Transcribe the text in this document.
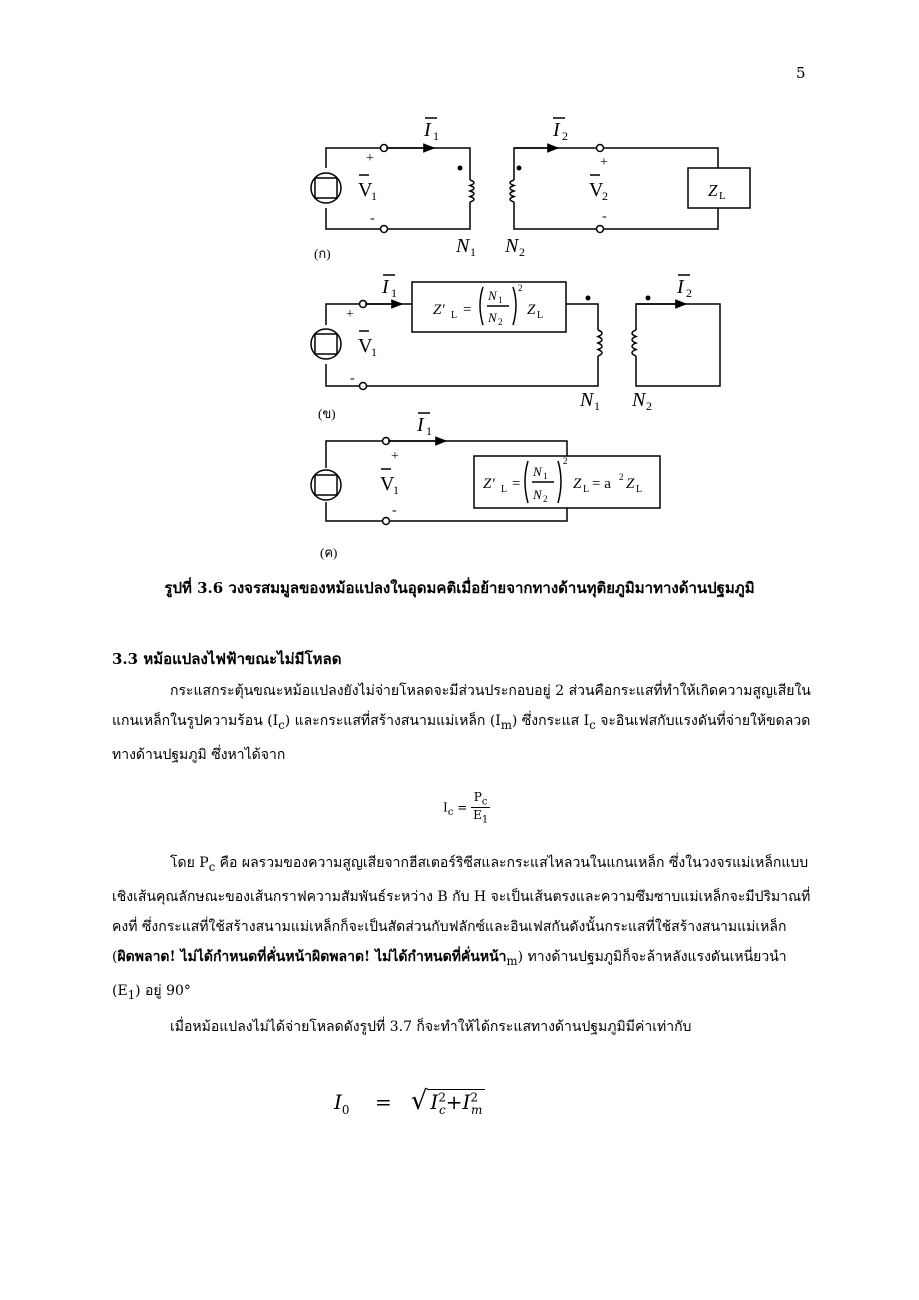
5
I 1	I 2
+
V
1
-
+
V
2
-
Z L
N 1 N 2
(ก)
I 1	I 2
+
V
1
-
Z' L =
N 1
N 2
2
Z L
N 1 N 2
(ข)
I 1
+
V
1
-
Z' L =
N 1
N 2
2
Z L = a 2 Z L
(ค)
รูปที่ 3.6 วงจรสมมูลของหม้อแปลงในอุดมคติเมื่อย้ายจากทางด้านทุติยภูมิมาทางด้านปฐมภูมิ
3.3 หม้อแปลงไฟฟ้าขณะไม่มีโหลด
กระแสกระตุ้นขณะหม้อแปลงยังไม่จ่ายโหลดจะมีส่วนประกอบอยู่ 2 ส่วนคือกระแสที่ทำให้เกิดความสูญเสียในแกนเหล็กในรูปความร้อน $(I_c)$ และกระแสที่สร้างสนามแม่เหล็ก $(I_m)$ ซึ่งกระแส $I_c$ จะอินเฟสกับแรงดันที่จ่ายให้ขดลวดทางด้านปฐมภูมิ ซึ่งหาได้จาก
$I_c = \frac{P_c}{E_1}$
โดย $P_c$ คือ ผลรวมของความสูญเสียจากฮีสเตอร์ริซีสและกระแสไหลวนในแกนเหล็ก ซึ่งในวงจรแม่เหล็กแบบเชิงเส้นคุณลักษณะของเส้นกราฟความสัมพันธ์ระหว่าง B กับ H จะเป็นเส้นตรงและความซึมซาบแม่เหล็กจะมีปริมาณที่คงที่ ซึ่งกระแสที่ใช้สร้างสนามแม่เหล็กก็จะเป็นสัดส่วนกับฟลักซ์และอินเฟสกันดังนั้นกระแสที่ใช้สร้างสนามแม่เหล็ก (ผิดพลาด! ไม่ได้กำหนดที่คั่นหน้าผิดพลาด! ไม่ได้กำหนดที่คั่นหน้า$_m$) ทางด้านปฐมภูมิก็จะล้าหลังแรงดันเหนี่ยวนำ $(E_1)$ อยู่ 90°
เมื่อหม้อแปลงไม่ได้จ่ายโหลดดังรูปที่ 3.7 ก็จะทำให้ได้กระแสทางด้านปฐมภูมิมีค่าเท่ากับ
$I_0$ = √ $I^2_c+I^2_m$
